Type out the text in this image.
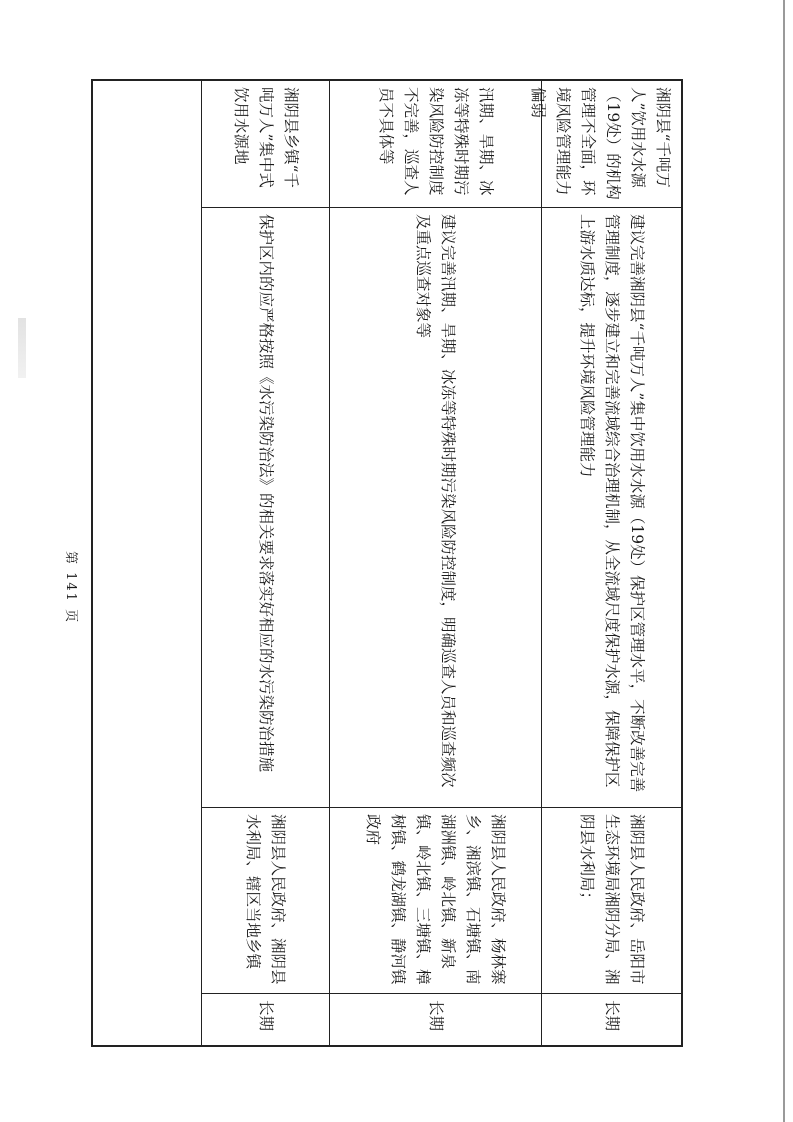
第 141 页
湘阴县“千吨万人”饮用水水源（19处）的机构管理不全面，环境风险管理能力偏弱
建议完善湘阴县“千吨万人”集中饮用水水源（19处）保护区管理水平，不断改善完善管理制度，逐步建立和完善流域综合治理机制，从全流域尺度保护水源，保障保护区上游水质达标，提升环境风险管理能力
湘阴县人民政府、岳阳市生态环境局湘阴分局、湘阴县水利局；
长期
汛期、旱期、冰冻等特殊时期污染风险防控制度不完善，巡查人员不具体等
建议完善汛期、旱期、冰冻等特殊时期污染风险防控制度，明确巡查人员和巡查频次及重点巡查对象等
湘阴县人民政府、杨林寨乡、湘滨镇、石塘镇、南湖洲镇、岭北镇、新泉镇、岭北镇、三塘镇、樟树镇、鹤龙湖镇、静河镇政府
长期
湘阴县乡镇“千吨万人”集中式饮用水源地
保护区内的应严格按照《水污染防治法》的相关要求落实好相应的水污染防治措施
湘阴县人民政府、湘阴县水利局、辖区当地乡镇
长期
